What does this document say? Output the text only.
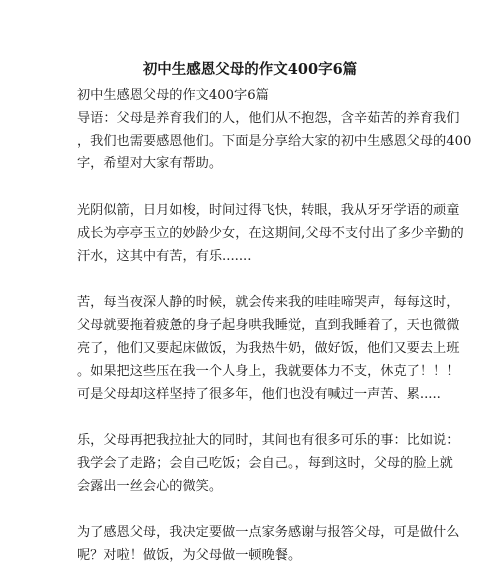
初中生感恩父母的作文400字6篇
初中生感恩父母的作文400字6篇
导语：父母是养育我们的人，他们从不抱怨，含辛茹苦的养育我们
，我们也需要感恩他们。下面是分享给大家的初中生感恩父母的400
字，希望对大家有帮助。
光阴似箭，日月如梭，时间过得飞快，转眼，我从牙牙学语的顽童
成长为亭亭玉立的妙龄少女，在这期间,父母不支付出了多少辛勤的
汗水，这其中有苦，有乐.......
苦，每当夜深人静的时候，就会传来我的哇哇啼哭声，每每这时，
父母就要拖着疲惫的身子起身哄我睡觉，直到我睡着了，天也微微
亮了，他们又要起床做饭，为我热牛奶，做好饭，他们又要去上班
。如果把这些压在我一个人身上，我就要体力不支，休克了！！！
可是父母却这样坚持了很多年，他们也没有喊过一声苦、累.....
乐，父母再把我拉扯大的同时，其间也有很多可乐的事：比如说：
我学会了走路；会自己吃饭；会自己。，每到这时，父母的脸上就
会露出一丝会心的微笑。
为了感恩父母，我决定要做一点家务感谢与报答父母，可是做什么
呢？对啦！做饭，为父母做一顿晚餐。
